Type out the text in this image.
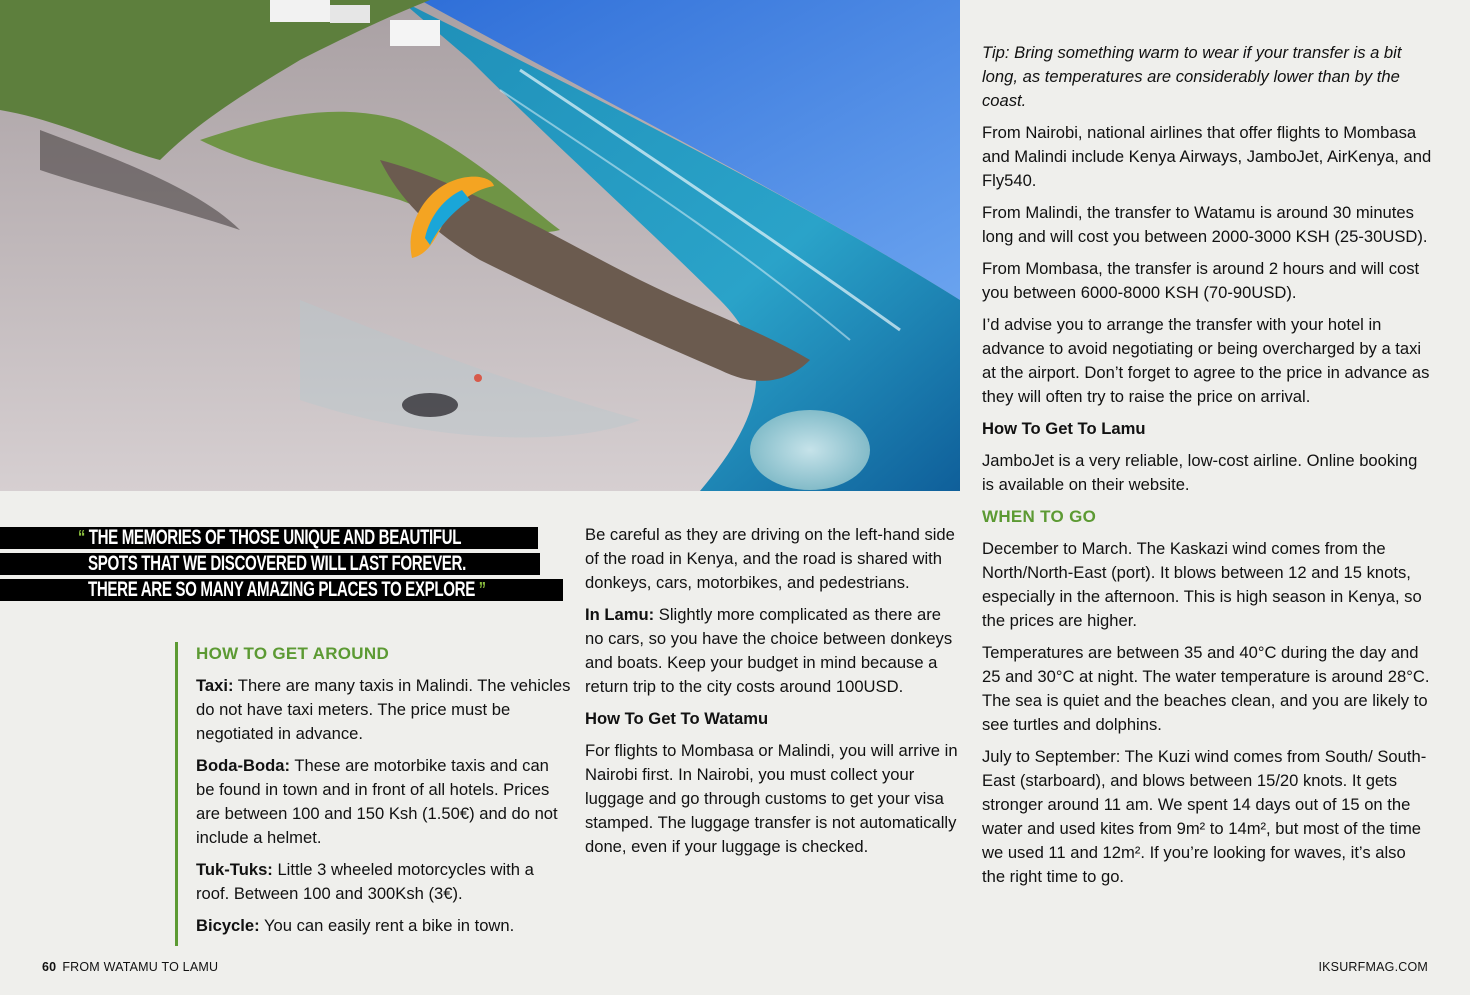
“ THE MEMORIES OF THOSE UNIQUE AND BEAUTIFUL
SPOTS THAT WE DISCOVERED WILL LAST FOREVER.
THERE ARE SO MANY AMAZING PLACES TO EXPLORE ”
HOW TO GET AROUND

Taxi: There are many taxis in Malindi. The vehicles do not have taxi meters. The price must be negotiated in advance.

Boda-Boda: These are motorbike taxis and can be found in town and in front of all hotels. Prices are between 100 and 150 Ksh (1.50€) and do not include a helmet.

Tuk-Tuks: Little 3 wheeled motorcycles with a roof. Between 100 and 300Ksh (3€).

Bicycle: You can easily rent a bike in town.

Be careful as they are driving on the left-hand side of the road in Kenya, and the road is shared with donkeys, cars, motorbikes, and pedestrians.

In Lamu: Slightly more complicated as there are no cars, so you have the choice between donkeys and boats. Keep your budget in mind because a return trip to the city costs around 100USD.

How To Get To Watamu

For flights to Mombasa or Malindi, you will arrive in Nairobi first. In Nairobi, you must collect your luggage and go through customs to get your visa stamped. The luggage transfer is not automatically done, even if your luggage is checked.

Tip: Bring something warm to wear if your transfer is a bit long, as temperatures are considerably lower than by the coast.

From Nairobi, national airlines that offer flights to Mombasa and Malindi include Kenya Airways, JamboJet, AirKenya, and Fly540.

From Malindi, the transfer to Watamu is around 30 minutes long and will cost you between 2000-3000 KSH (25-30USD).

From Mombasa, the transfer is around 2 hours and will cost you between 6000-8000 KSH (70-90USD).

I’d advise you to arrange the transfer with your hotel in advance to avoid negotiating or being overcharged by a taxi at the airport. Don’t forget to agree to the price in advance as they will often try to raise the price on arrival.

How To Get To Lamu

JamboJet is a very reliable, low-cost airline. Online booking is available on their website.

WHEN TO GO

December to March. The Kaskazi wind comes from the North/North-East (port). It blows between 12 and 15 knots, especially in the afternoon. This is high season in Kenya, so the prices are higher.

Temperatures are between 35 and 40°C during the day and 25 and 30°C at night. The water temperature is around 28°C. The sea is quiet and the beaches clean, and you are likely to see turtles and dolphins.

July to September: The Kuzi wind comes from South/ South-East (starboard), and blows between 15/20 knots. It gets stronger around 11 am. We spent 14 days out of 15 on the water and used kites from 9m² to 14m², but most of the time we used 11 and 12m². If you’re looking for waves, it’s also the right time to go.

60 FROM WATAMU TO LAMU	IKSURFMAG.COM
